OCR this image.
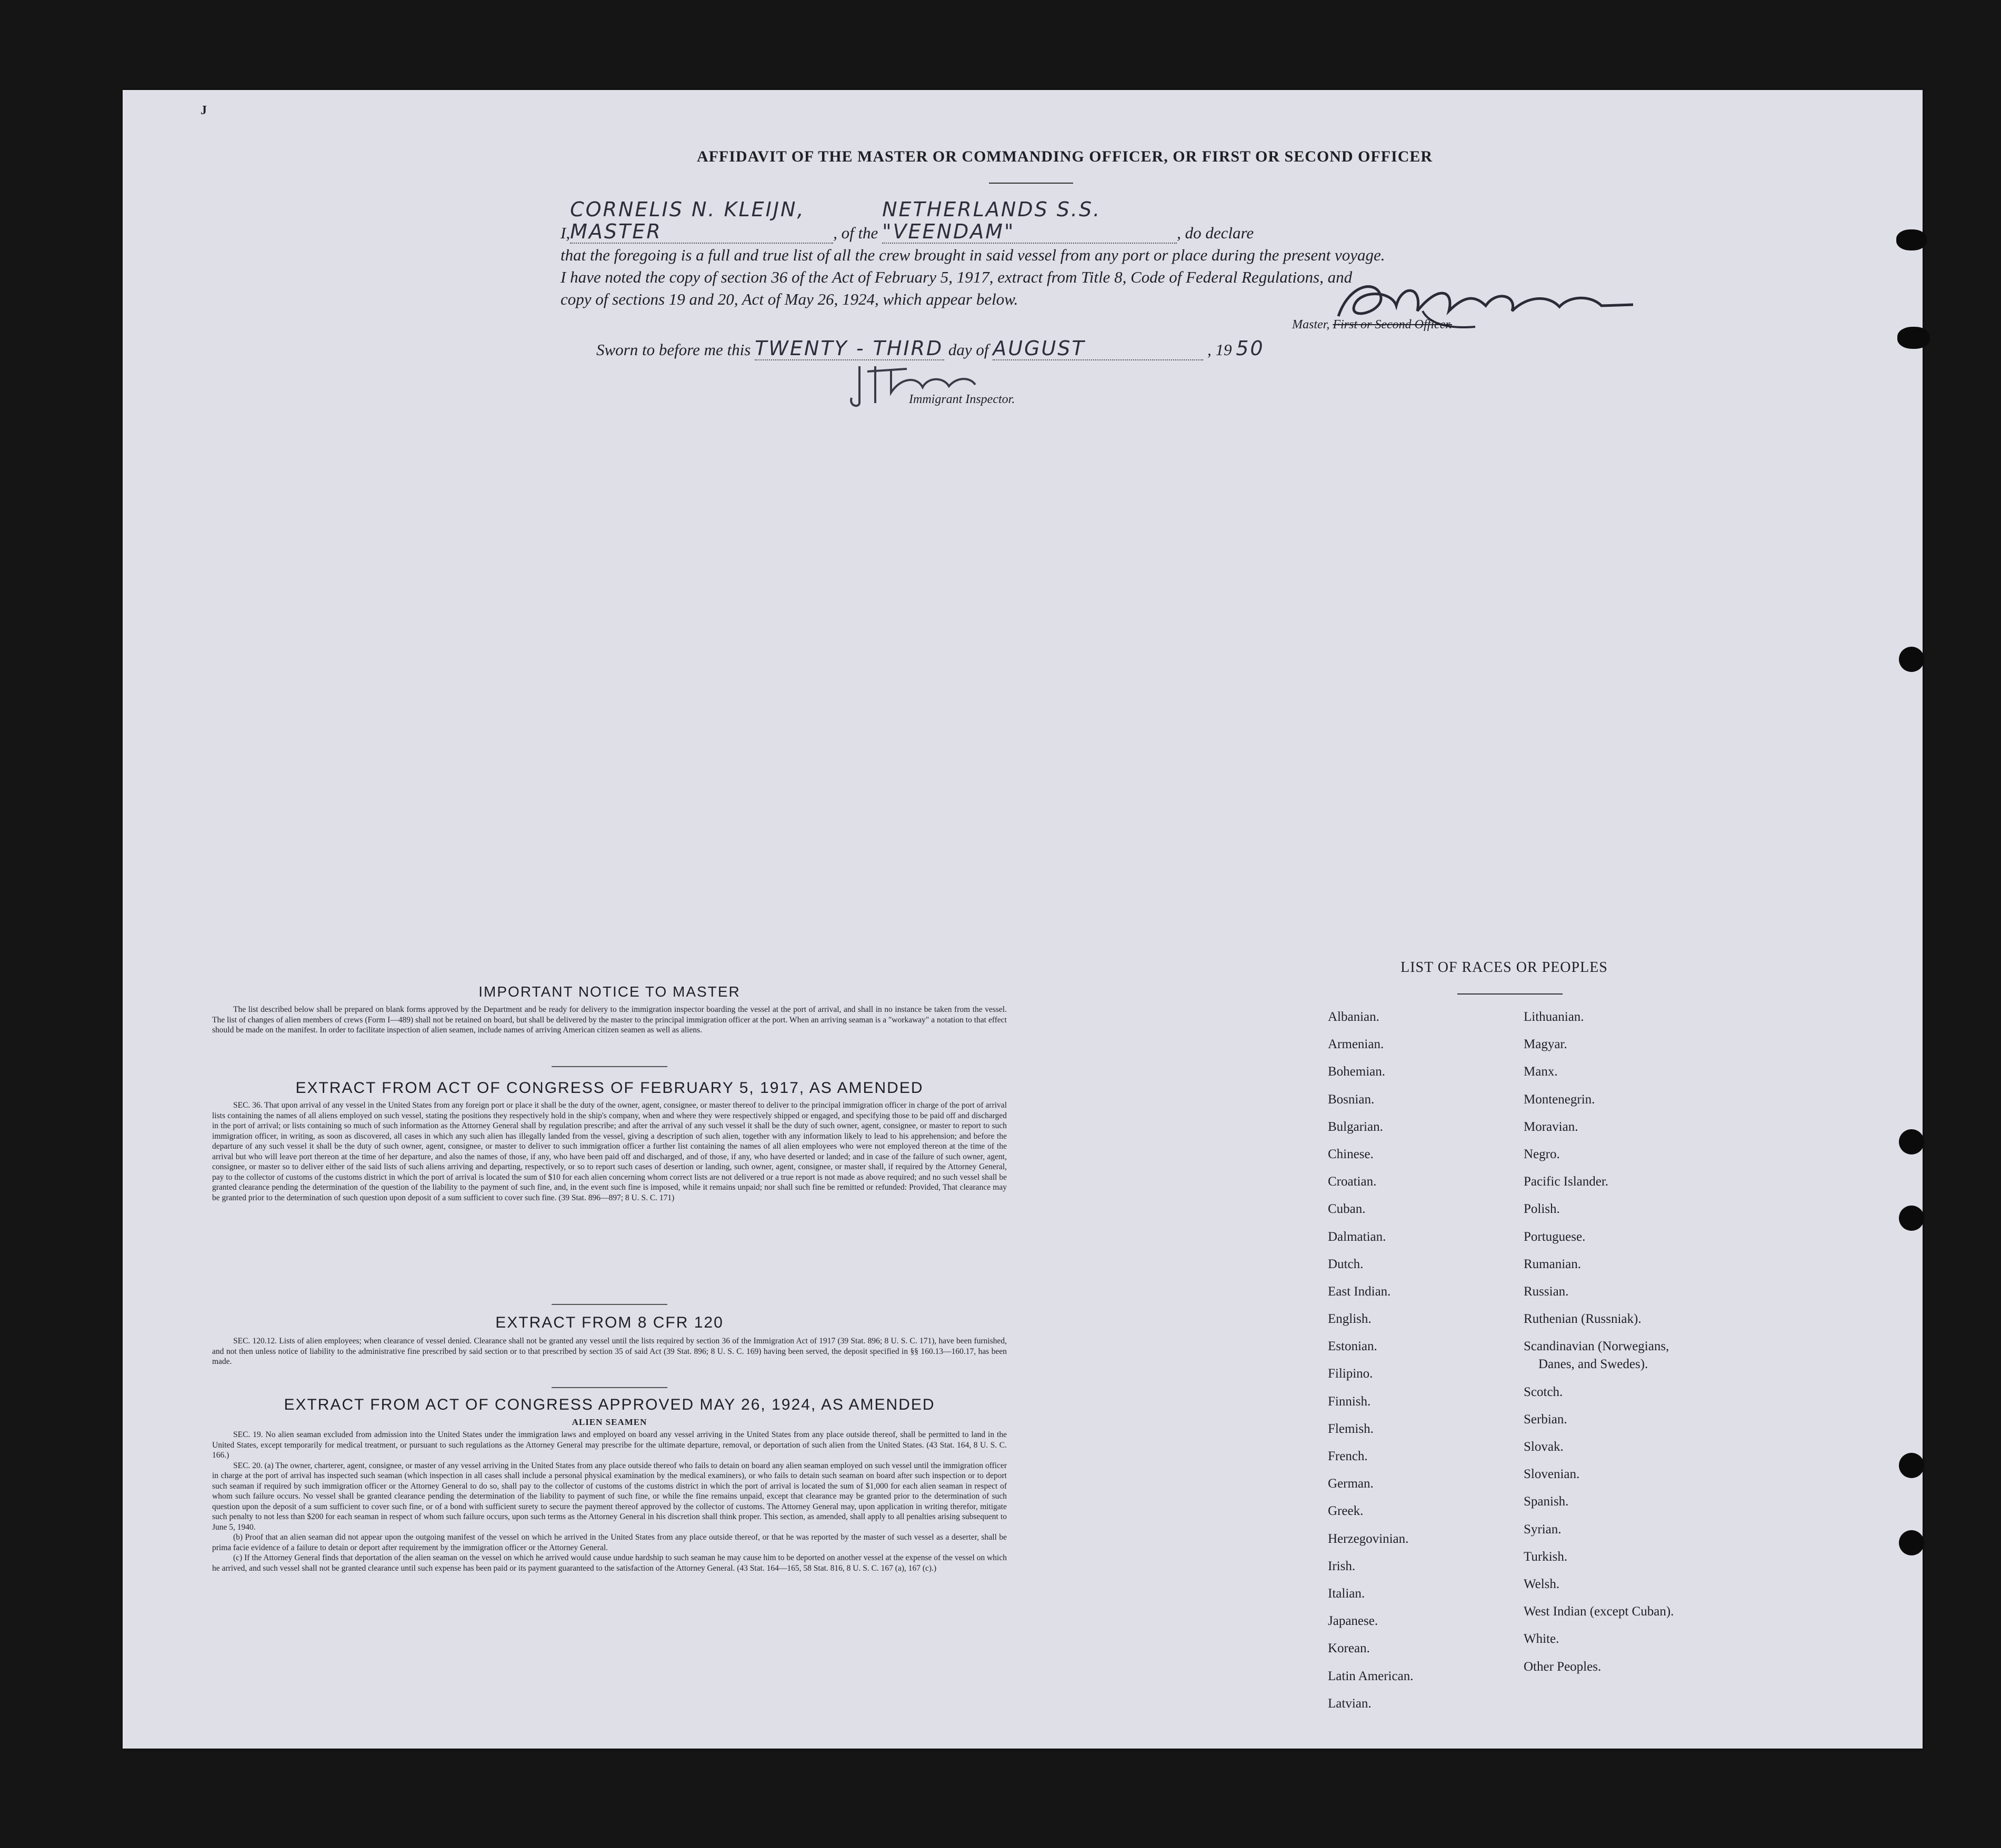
J
AFFIDAVIT OF THE MASTER OR COMMANDING OFFICER, OR FIRST OR SECOND OFFICER

I,CORNELIS N. KLEIJN, MASTER	, of the NETHERLANDS S.S. "VEENDAM"	, do declare

that the foregoing is a full and true list of all the crew brought in said vessel from any port or place during the present voyage.

I have noted the copy of section 36 of the Act of February 5, 1917, extract from Title 8, Code of Federal Regulations, and

copy of sections 19 and 20, Act of May 26, 1924, which appear below.

Master, First or Second Officer.
Sworn to before me this TWENTY - THIRD day of AUGUST	, 19 50
Immigrant Inspector.
IMPORTANT NOTICE TO MASTER

The list described below shall be prepared on blank forms approved by the Department and be ready for delivery to the immigration inspector boarding the vessel at the port of arrival, and shall in no instance be taken from the vessel. The list of changes of alien members of crews (Form I—489) shall not be retained on board, but shall be delivered by the master to the principal immigration officer at the port. When an arriving seaman is a "workaway" a notation to that effect should be made on the manifest. In order to facilitate inspection of alien seamen, include names of arriving American citizen seamen as well as aliens.

EXTRACT FROM ACT OF CONGRESS OF FEBRUARY 5, 1917, AS AMENDED

SEC. 36. That upon arrival of any vessel in the United States from any foreign port or place it shall be the duty of the owner, agent, consignee, or master thereof to deliver to the principal immigration officer in charge of the port of arrival lists containing the names of all aliens employed on such vessel, stating the positions they respectively hold in the ship's company, when and where they were respectively shipped or engaged, and specifying those to be paid off and discharged in the port of arrival; or lists containing so much of such information as the Attorney General shall by regulation prescribe; and after the arrival of any such vessel it shall be the duty of such owner, agent, consignee, or master to report to such immigration officer, in writing, as soon as discovered, all cases in which any such alien has illegally landed from the vessel, giving a description of such alien, together with any information likely to lead to his apprehension; and before the departure of any such vessel it shall be the duty of such owner, agent, consignee, or master to deliver to such immigration officer a further list containing the names of all alien employees who were not employed thereon at the time of the arrival but who will leave port thereon at the time of her departure, and also the names of those, if any, who have been paid off and discharged, and of those, if any, who have deserted or landed; and in case of the failure of such owner, agent, consignee, or master so to deliver either of the said lists of such aliens arriving and departing, respectively, or so to report such cases of desertion or landing, such owner, agent, consignee, or master shall, if required by the Attorney General, pay to the collector of customs of the customs district in which the port of arrival is located the sum of $10 for each alien concerning whom correct lists are not delivered or a true report is not made as above required; and no such vessel shall be granted clearance pending the determination of the question of the liability to the payment of such fine, and, in the event such fine is imposed, while it remains unpaid; nor shall such fine be remitted or refunded: Provided, That clearance may be granted prior to the determination of such question upon deposit of a sum sufficient to cover such fine. (39 Stat. 896—897; 8 U. S. C. 171)

EXTRACT FROM 8 CFR 120

SEC. 120.12. Lists of alien employees; when clearance of vessel denied. Clearance shall not be granted any vessel until the lists required by section 36 of the Immigration Act of 1917 (39 Stat. 896; 8 U. S. C. 171), have been furnished, and not then unless notice of liability to the administrative fine prescribed by said section or to that prescribed by section 35 of said Act (39 Stat. 896; 8 U. S. C. 169) having been served, the deposit specified in §§ 160.13—160.17, has been made.

EXTRACT FROM ACT OF CONGRESS APPROVED MAY 26, 1924, AS AMENDED
ALIEN SEAMEN

SEC. 19. No alien seaman excluded from admission into the United States under the immigration laws and employed on board any vessel arriving in the United States from any place outside thereof, shall be permitted to land in the United States, except temporarily for medical treatment, or pursuant to such regulations as the Attorney General may prescribe for the ultimate departure, removal, or deportation of such alien from the United States. (43 Stat. 164, 8 U. S. C. 166.)

SEC. 20. (a) The owner, charterer, agent, consignee, or master of any vessel arriving in the United States from any place outside thereof who fails to detain on board any alien seaman employed on such vessel until the immigration officer in charge at the port of arrival has inspected such seaman (which inspection in all cases shall include a personal physical examination by the medical examiners), or who fails to detain such seaman on board after such inspection or to deport such seaman if required by such immigration officer or the Attorney General to do so, shall pay to the collector of customs of the customs district in which the port of arrival is located the sum of $1,000 for each alien seaman in respect of whom such failure occurs. No vessel shall be granted clearance pending the determination of the liability to payment of such fine, or while the fine remains unpaid, except that clearance may be granted prior to the determination of such question upon the deposit of a sum sufficient to cover such fine, or of a bond with sufficient surety to secure the payment thereof approved by the collector of customs. The Attorney General may, upon application in writing therefor, mitigate such penalty to not less than $200 for each seaman in respect of whom such failure occurs, upon such terms as the Attorney General in his discretion shall think proper. This section, as amended, shall apply to all penalties arising subsequent to June 5, 1940.

(b) Proof that an alien seaman did not appear upon the outgoing manifest of the vessel on which he arrived in the United States from any place outside thereof, or that he was reported by the master of such vessel as a deserter, shall be prima facie evidence of a failure to detain or deport after requirement by the immigration officer or the Attorney General.

(c) If the Attorney General finds that deportation of the alien seaman on the vessel on which he arrived would cause undue hardship to such seaman he may cause him to be deported on another vessel at the expense of the vessel on which he arrived, and such vessel shall not be granted clearance until such expense has been paid or its payment guaranteed to the satisfaction of the Attorney General. (43 Stat. 164—165, 58 Stat. 816, 8 U. S. C. 167 (a), 167 (c).)

LIST OF RACES OR PEOPLES
Albanian.
Armenian.
Bohemian.
Bosnian.
Bulgarian.
Chinese.
Croatian.
Cuban.
Dalmatian.
Dutch.
East Indian.
English.
Estonian.
Filipino.
Finnish.
Flemish.
French.
German.
Greek.
Herzegovinian.
Irish.
Italian.
Japanese.
Korean.
Latin American.
Latvian.
Lithuanian.
Magyar.
Manx.
Montenegrin.
Moravian.
Negro.
Pacific Islander.
Polish.
Portuguese.
Rumanian.
Russian.
Ruthenian (Russniak).
Scandinavian (Norwegians,
Danes, and Swedes).
Scotch.
Serbian.
Slovak.
Slovenian.
Spanish.
Syrian.
Turkish.
Welsh.
West Indian (except Cuban).
White.
Other Peoples.
